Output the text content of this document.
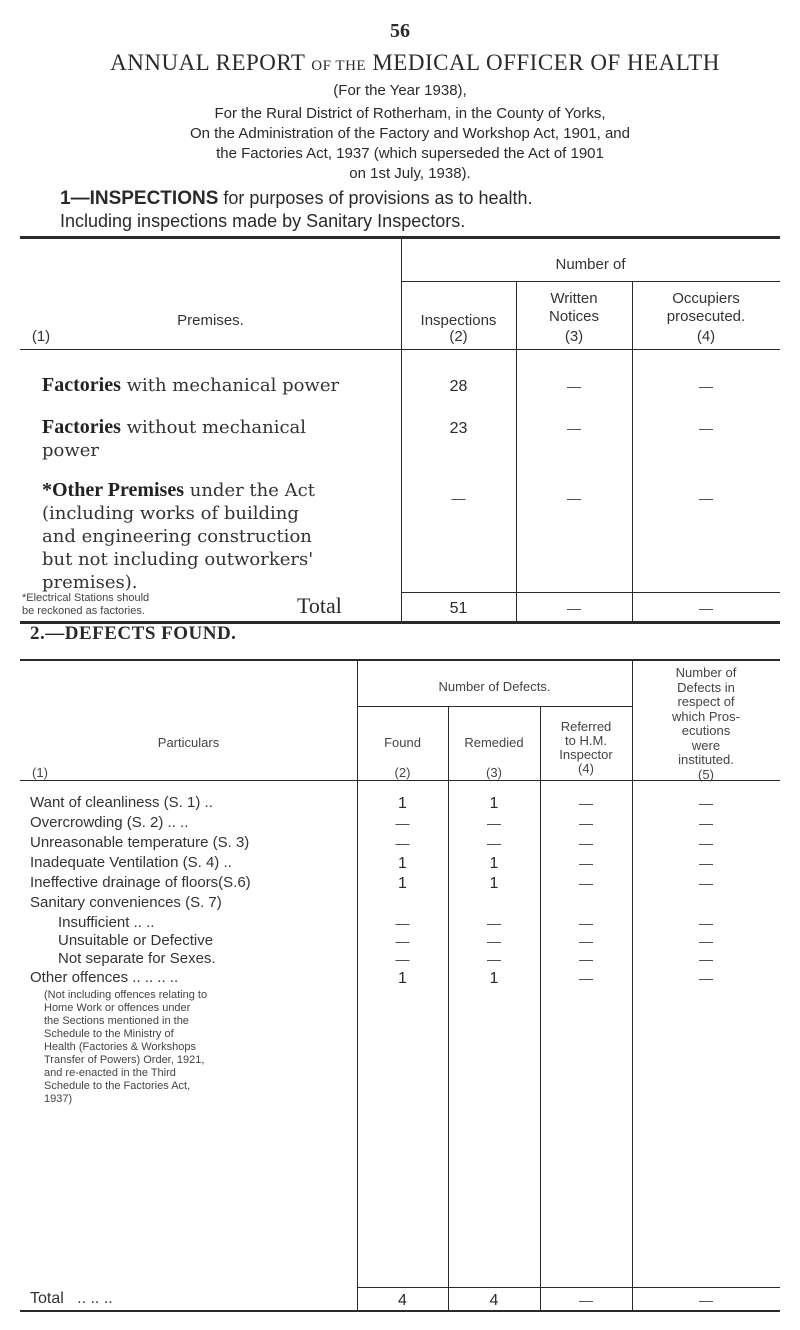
56
ANNUAL REPORT OF THE MEDICAL OFFICER OF HEALTH
(For the Year 1938),
For the Rural District of Rotherham, in the County of Yorks,
On the Administration of the Factory and Workshop Act, 1901, and
the Factories Act, 1937 (which superseded the Act of 1901
on 1st July, 1938).
1—INSPECTIONS for purposes of provisions as to health.
Including inspections made by Sanitary Inspectors.
Number of
Premises.
(1)
Inspections
(2)
Written
Notices
(3)
Occupiers
prosecuted.
(4)
Factories with mechanical power	28	—	—
Factories without mechanical
power
23	—	—
*Other Premises under the Act
(including works of building
and engineering construction
but not including outworkers'
premises).
—	—	—
*Electrical Stations should
be reckoned as factories.	Total	51	—	—
2.—DEFECTS FOUND.
Number of Defects.
Particulars
(1)
Found
(2)
Remedied
(3)
Referred
to H.M.
Inspector
(4)
Number of
Defects in
respect of
which Pros-
ecutions
were
instituted.
(5)
Want of cleanliness (S. 1) ..	1	1	—	—
Overcrowding (S. 2) .. ..	—	—	—	—
Unreasonable temperature (S. 3)	—	—	—	—
Inadequate Ventilation (S. 4) ..	1	1	—	—
Ineffective drainage of floors(S.6)	1	1	—	—
Sanitary conveniences (S. 7)
Insufficient .. ..	—	—	—	—
Unsuitable or Defective	—	—	—	—
Not separate for Sexes.	—	—	—	—
Other offences .. .. .. ..	1	1	—	—
(Not including offences relating to
Home Work or offences under
the Sections mentioned in the
Schedule to the Ministry of
Health (Factories & Workshops
Transfer of Powers) Order, 1921,
and re-enacted in the Third
Schedule to the Factories Act,
1937)
Total .. .. ..	4	4	—	—
